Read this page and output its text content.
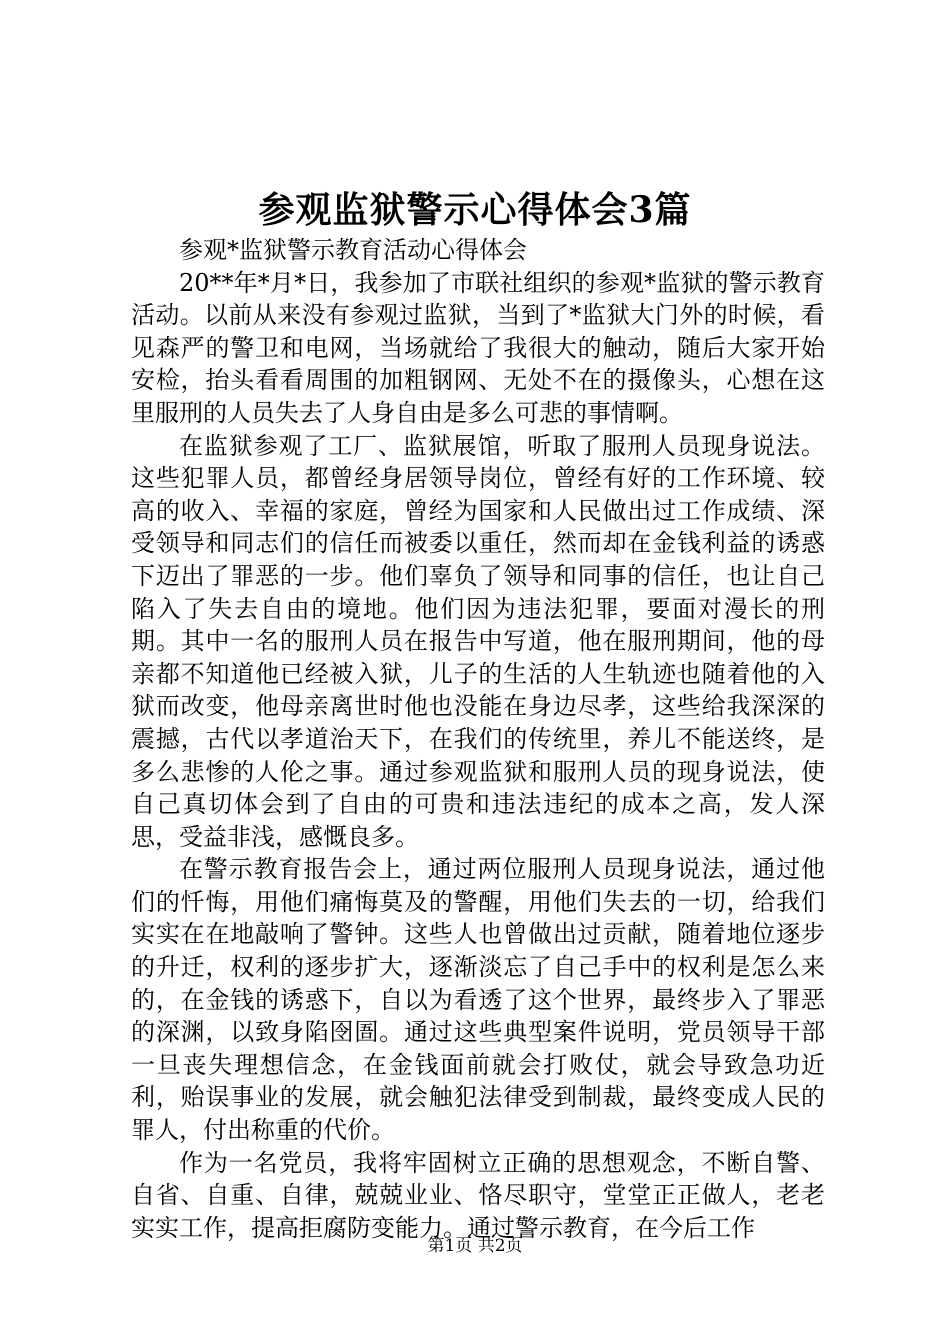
参观监狱警示心得体会3篇

参观*监狱警示教育活动心得体会

20**年*月*日，我参加了市联社组织的参观*监狱的警示教育活动。以前从来没有参观过监狱，当到了*监狱大门外的时候，看见森严的警卫和电网，当场就给了我很大的触动，随后大家开始安检，抬头看看周围的加粗钢网、无处不在的摄像头，心想在这里服刑的人员失去了人身自由是多么可悲的事情啊。

在监狱参观了工厂、监狱展馆，听取了服刑人员现身说法。这些犯罪人员，都曾经身居领导岗位，曾经有好的工作环境、较高的收入、幸福的家庭，曾经为国家和人民做出过工作成绩、深受领导和同志们的信任而被委以重任，然而却在金钱利益的诱惑下迈出了罪恶的一步。他们辜负了领导和同事的信任，也让自己陷入了失去自由的境地。他们因为违法犯罪，要面对漫长的刑期。其中一名的服刑人员在报告中写道，他在服刑期间，他的母亲都不知道他已经被入狱，儿子的生活的人生轨迹也随着他的入狱而改变，他母亲离世时他也没能在身边尽孝，这些给我深深的震撼，古代以孝道治天下，在我们的传统里，养儿不能送终，是多么悲惨的人伦之事。通过参观监狱和服刑人员的现身说法，使自己真切体会到了自由的可贵和违法违纪的成本之高，发人深思，受益非浅，感慨良多。

在警示教育报告会上，通过两位服刑人员现身说法，通过他们的忏悔，用他们痛悔莫及的警醒，用他们失去的一切，给我们实实在在地敲响了警钟。这些人也曾做出过贡献，随着地位逐步的升迁，权利的逐步扩大，逐渐淡忘了自己手中的权利是怎么来的，在金钱的诱惑下，自以为看透了这个世界，最终步入了罪恶的深渊，以致身陷囹圄。通过这些典型案件说明，党员领导干部一旦丧失理想信念，在金钱面前就会打败仗，就会导致急功近利，贻误事业的发展，就会触犯法律受到制裁，最终变成人民的罪人，付出称重的代价。

作为一名党员，我将牢固树立正确的思想观念，不断自警、自省、自重、自律，兢兢业业、恪尽职守，堂堂正正做人，老老实实工作，提高拒腐防变能力。通过警示教育，在今后工作

第1页 共2页
